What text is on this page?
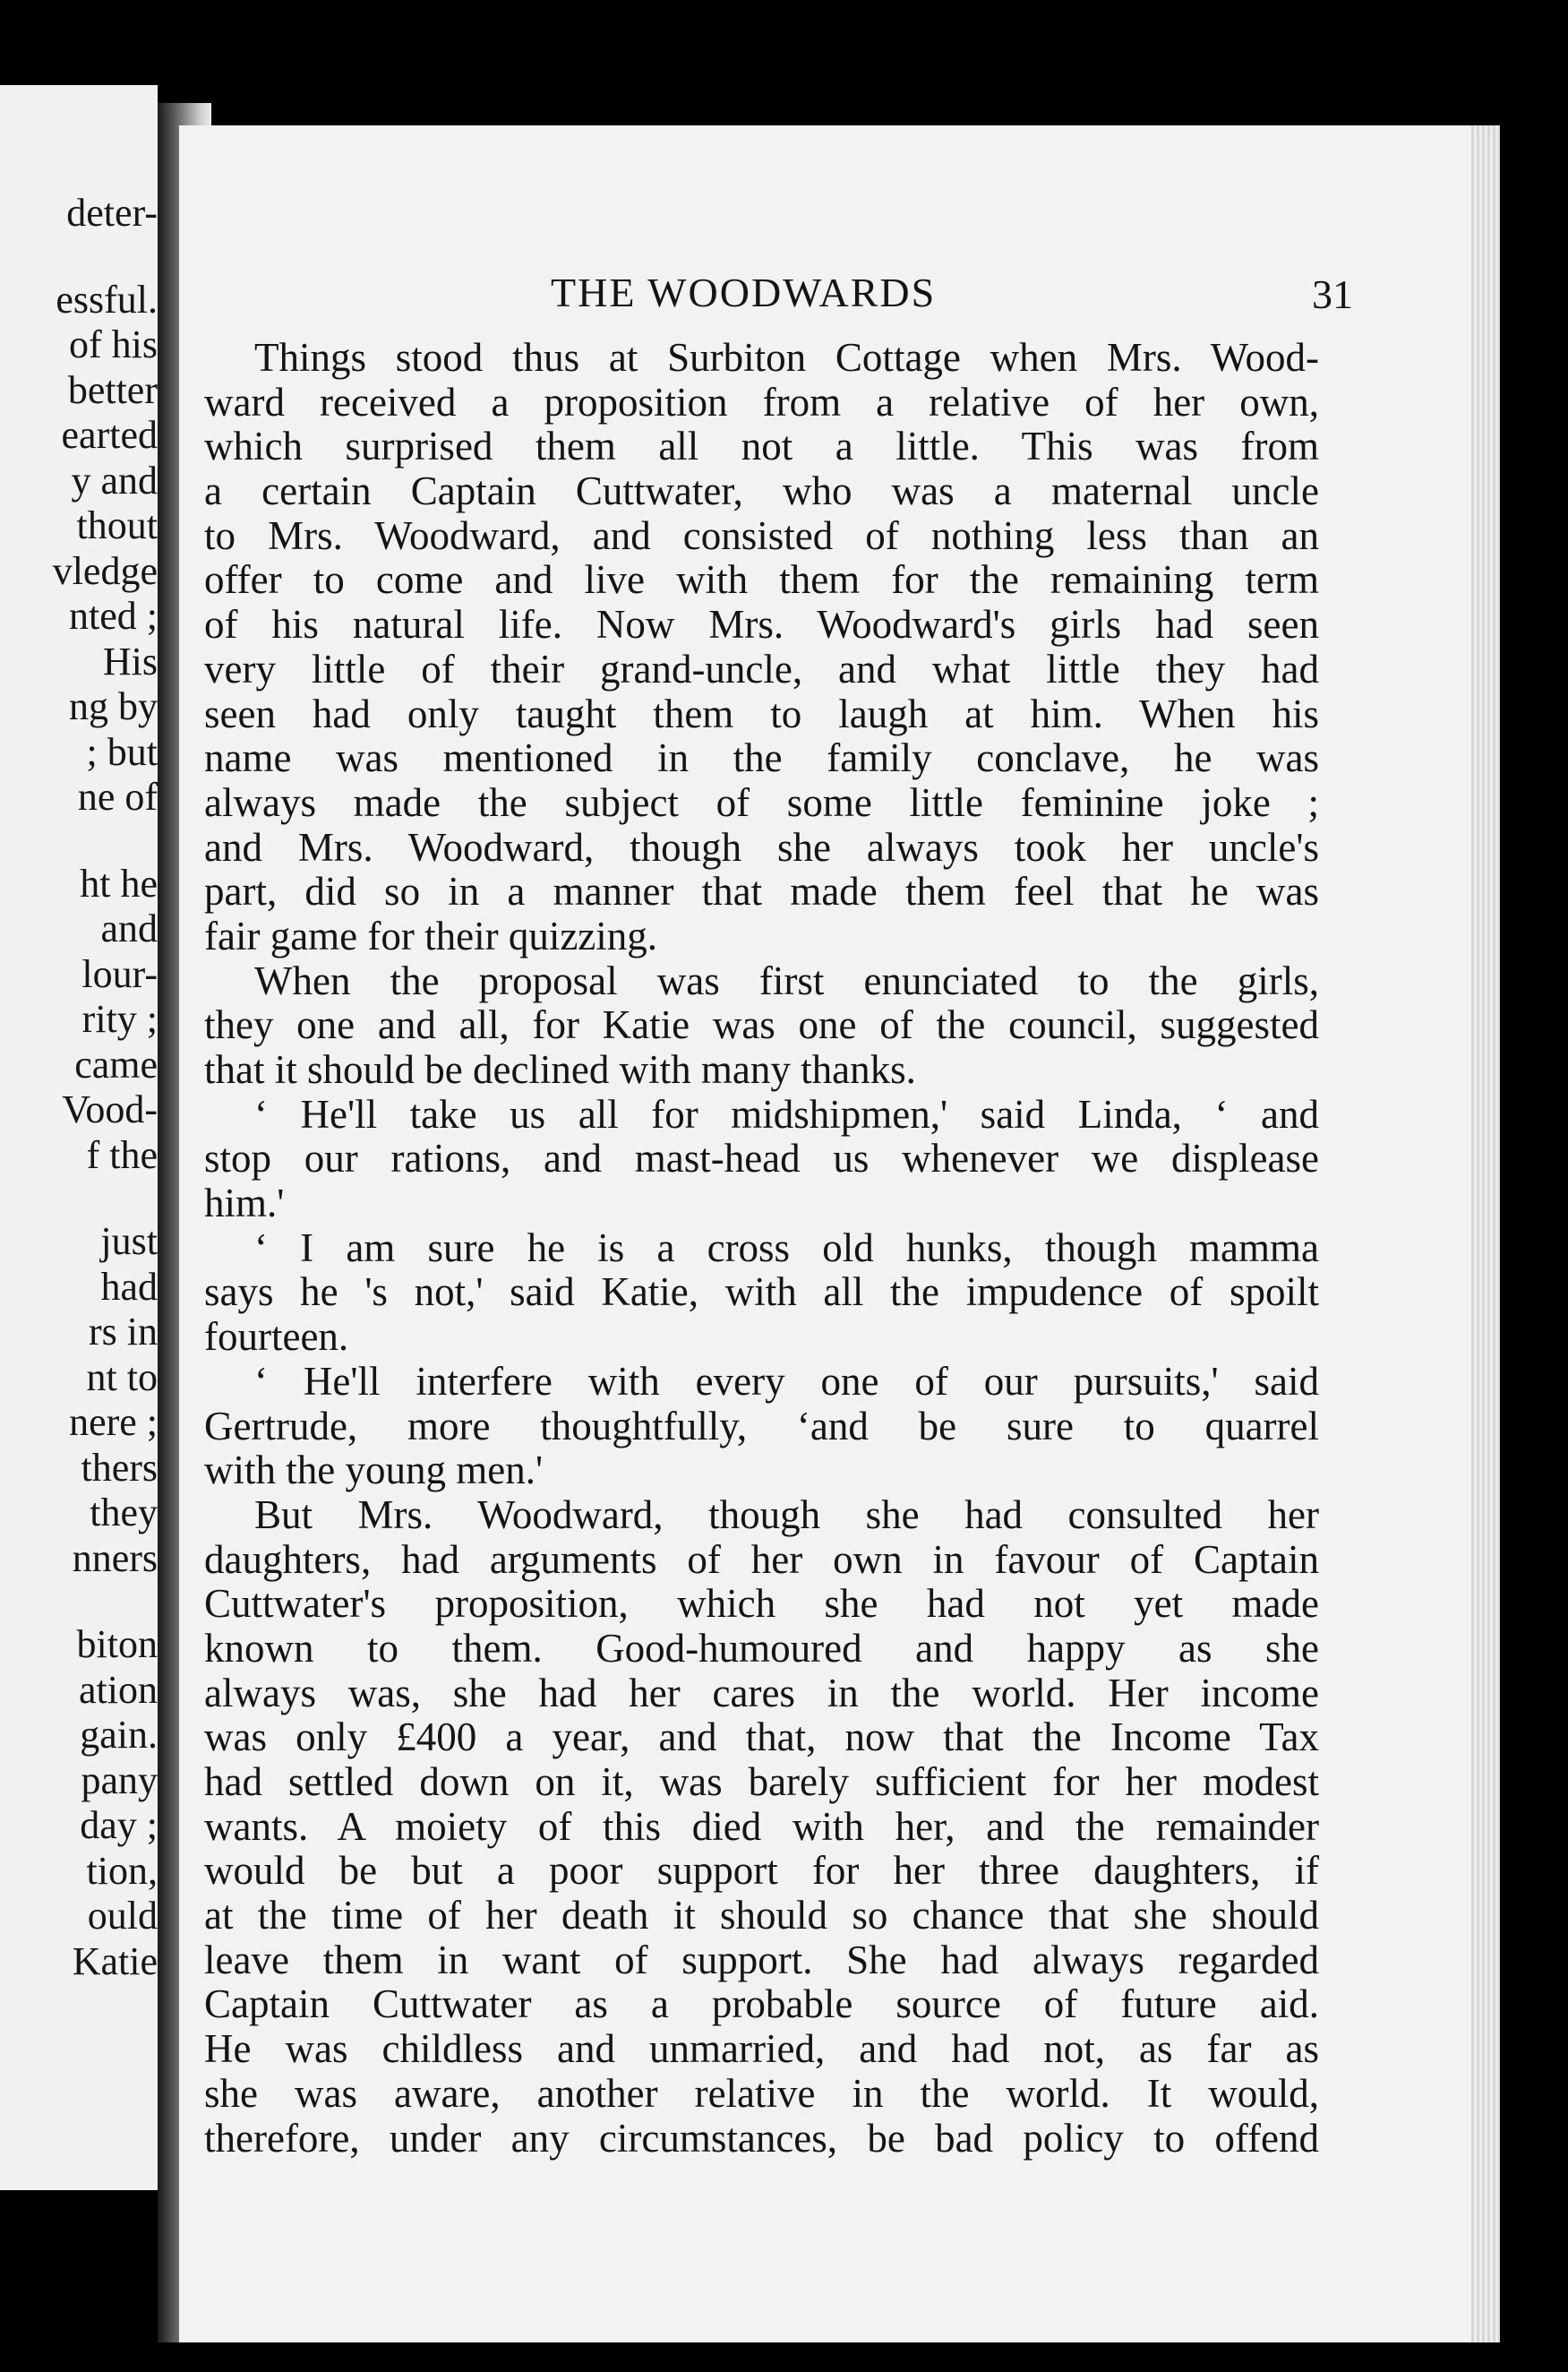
deter-
essful.
of his
better
earted
y and
thout
vledge
nted ;
His
ng by
; but
ne of
ht he
and
lour-
rity ;
came
Vood-
f the
just
had
rs in
nt to
nere ;
thers
they
nners
biton
ation
gain.
pany
day ;
tion,
ould
Katie
THE WOODWARDS	31
Things stood thus at Surbiton Cottage when Mrs. Wood-
ward received a proposition from a relative of her own,
which surprised them all not a little. This was from
a certain Captain Cuttwater, who was a maternal uncle
to Mrs. Woodward, and consisted of nothing less than an
offer to come and live with them for the remaining term
of his natural life. Now Mrs. Woodward's girls had seen
very little of their grand-uncle, and what little they had
seen had only taught them to laugh at him. When his
name was mentioned in the family conclave, he was
always made the subject of some little feminine joke ;
and Mrs. Woodward, though she always took her uncle's
part, did so in a manner that made them feel that he was
fair game for their quizzing.
When the proposal was first enunciated to the girls,
they one and all, for Katie was one of the council, suggested
that it should be declined with many thanks.
‘ He'll take us all for midshipmen,' said Linda, ‘ and
stop our rations, and mast-head us whenever we displease
him.'
‘ I am sure he is a cross old hunks, though mamma
says he 's not,' said Katie, with all the impudence of spoilt
fourteen.
‘ He'll interfere with every one of our pursuits,' said
Gertrude, more thoughtfully, ‘and be sure to quarrel
with the young men.'
But Mrs. Woodward, though she had consulted her
daughters, had arguments of her own in favour of Captain
Cuttwater's proposition, which she had not yet made
known to them. Good-humoured and happy as she
always was, she had her cares in the world. Her income
was only £400 a year, and that, now that the Income Tax
had settled down on it, was barely sufficient for her modest
wants. A moiety of this died with her, and the remainder
would be but a poor support for her three daughters, if
at the time of her death it should so chance that she should
leave them in want of support. She had always regarded
Captain Cuttwater as a probable source of future aid.
He was childless and unmarried, and had not, as far as
she was aware, another relative in the world. It would,
therefore, under any circumstances, be bad policy to offend
